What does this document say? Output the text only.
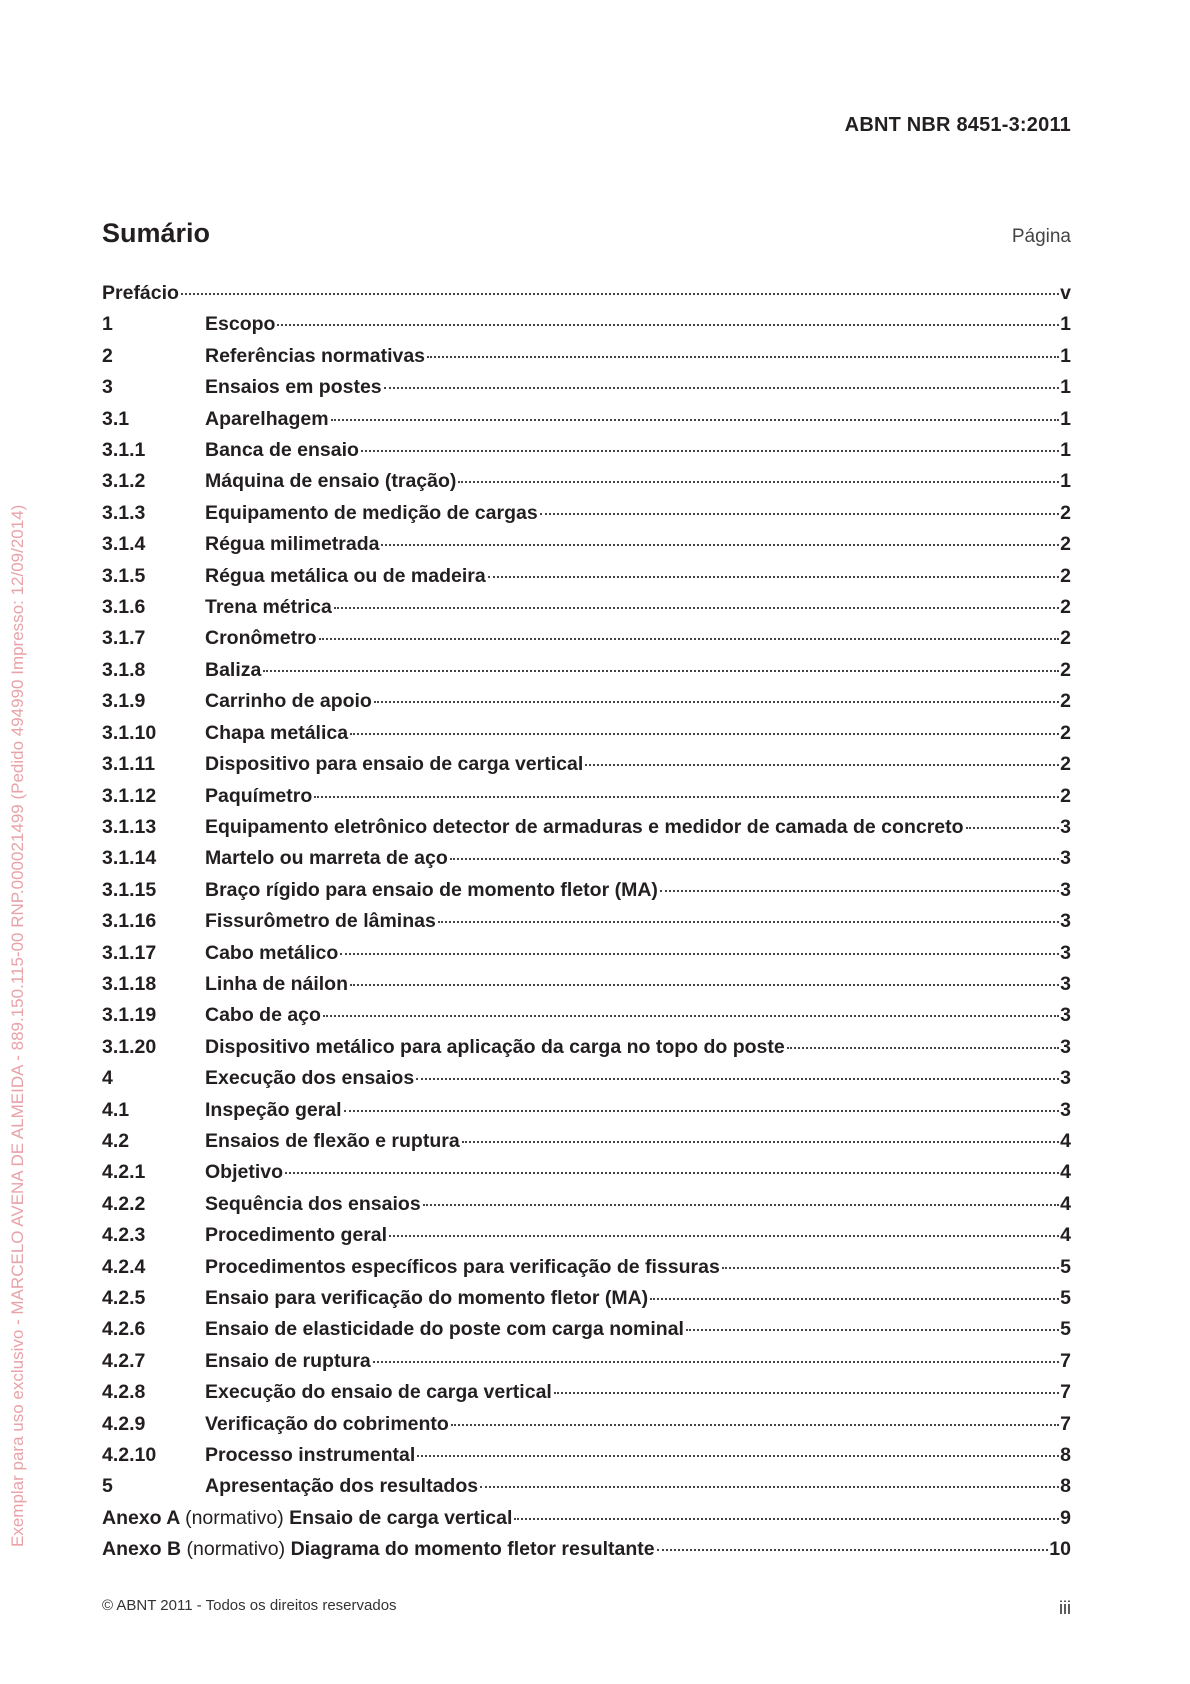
ABNT NBR 8451-3:2011
Sumário	Página
Prefácio	v
1	Escopo	1
2	Referências normativas	1
3	Ensaios em postes	1
3.1	Aparelhagem	1
3.1.1	Banca de ensaio	1
3.1.2	Máquina de ensaio (tração)	1
3.1.3	Equipamento de medição de cargas	2
3.1.4	Régua milimetrada	2
3.1.5	Régua metálica ou de madeira	2
3.1.6	Trena métrica	2
3.1.7	Cronômetro	2
3.1.8	Baliza	2
3.1.9	Carrinho de apoio	2
3.1.10	Chapa metálica	2
3.1.11	Dispositivo para ensaio de carga vertical	2
3.1.12	Paquímetro	2
3.1.13	Equipamento eletrônico detector de armaduras e medidor de camada de concreto	3
3.1.14	Martelo ou marreta de aço	3
3.1.15	Braço rígido para ensaio de momento fletor (MA)	3
3.1.16	Fissurômetro de lâminas	3
3.1.17	Cabo metálico	3
3.1.18	Linha de náilon	3
3.1.19	Cabo de aço	3
3.1.20	Dispositivo metálico para aplicação da carga no topo do poste	3
4	Execução dos ensaios	3
4.1	Inspeção geral	3
4.2	Ensaios de flexão e ruptura	4
4.2.1	Objetivo	4
4.2.2	Sequência dos ensaios	4
4.2.3	Procedimento geral	4
4.2.4	Procedimentos específicos para verificação de fissuras	5
4.2.5	Ensaio para verificação do momento fletor (MA)	5
4.2.6	Ensaio de elasticidade do poste com carga nominal	5
4.2.7	Ensaio de ruptura	7
4.2.8	Execução do ensaio de carga vertical	7
4.2.9	Verificação do cobrimento	7
4.2.10	Processo instrumental	8
5	Apresentação dos resultados	8
Anexo A (normativo) Ensaio de carga vertical	9
Anexo B (normativo) Diagrama do momento fletor resultante	10
Exemplar para uso exclusivo - MARCELO AVENA DE ALMEIDA - 889.150.115-00 RNP.000021499 (Pedido 494990 Impresso: 12/09/2014)
© ABNT 2011 - Todos os direitos reservados	iii
